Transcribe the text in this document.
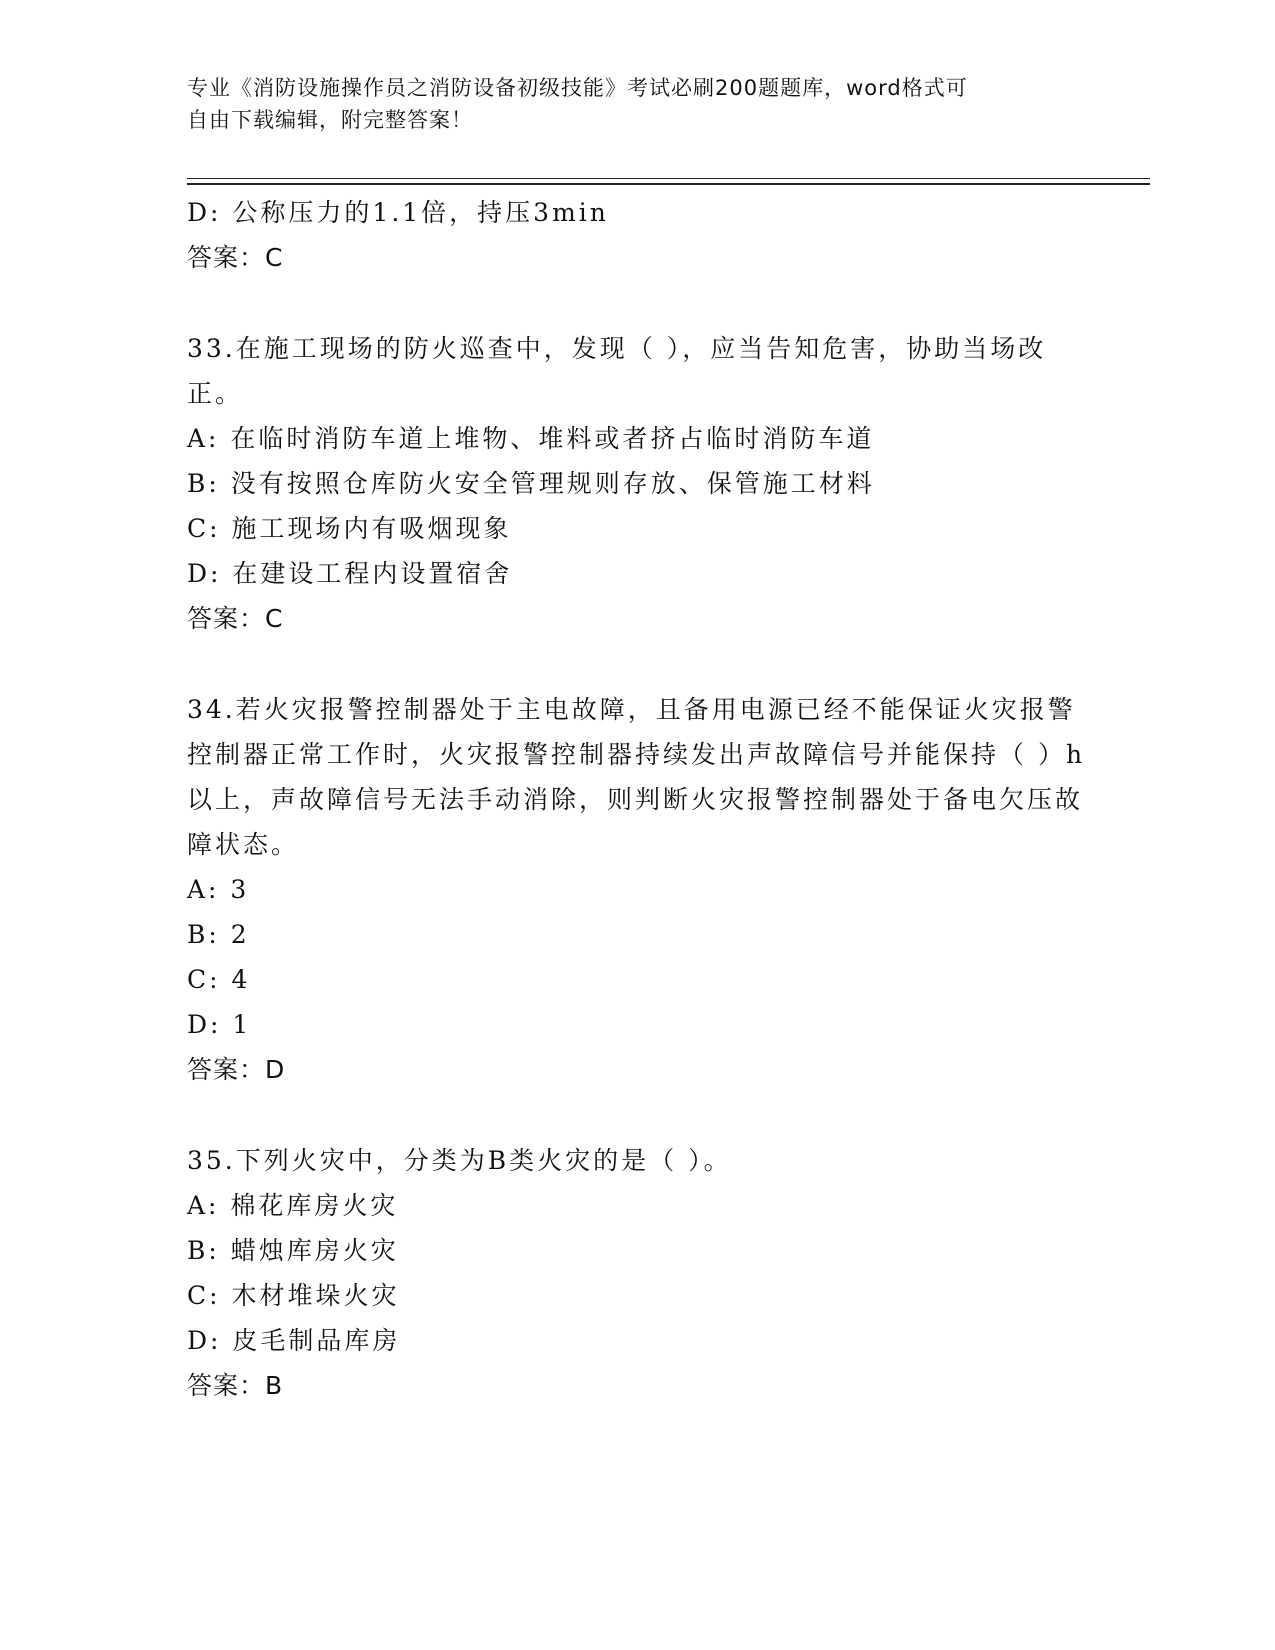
专业《消防设施操作员之消防设备初级技能》考试必刷200题题库，word格式可
自由下载编辑，附完整答案！
D: 公称压力的1.1倍，持压3min
答案：C
33.在施工现场的防火巡查中，发现（ ），应当告知危害，协助当场改正。
A: 在临时消防车道上堆物、堆料或者挤占临时消防车道
B: 没有按照仓库防火安全管理规则存放、保管施工材料
C: 施工现场内有吸烟现象
D: 在建设工程内设置宿舍
答案：C
34.若火灾报警控制器处于主电故障，且备用电源已经不能保证火灾报警控制器正常工作时，火灾报警控制器持续发出声故障信号并能保持（ ）h以上，声故障信号无法手动消除，则判断火灾报警控制器处于备电欠压故障状态。
A: 3
B: 2
C: 4
D: 1
答案：D
35.下列火灾中，分类为B类火灾的是（ ）。
A: 棉花库房火灾
B: 蜡烛库房火灾
C: 木材堆垛火灾
D: 皮毛制品库房
答案：B
